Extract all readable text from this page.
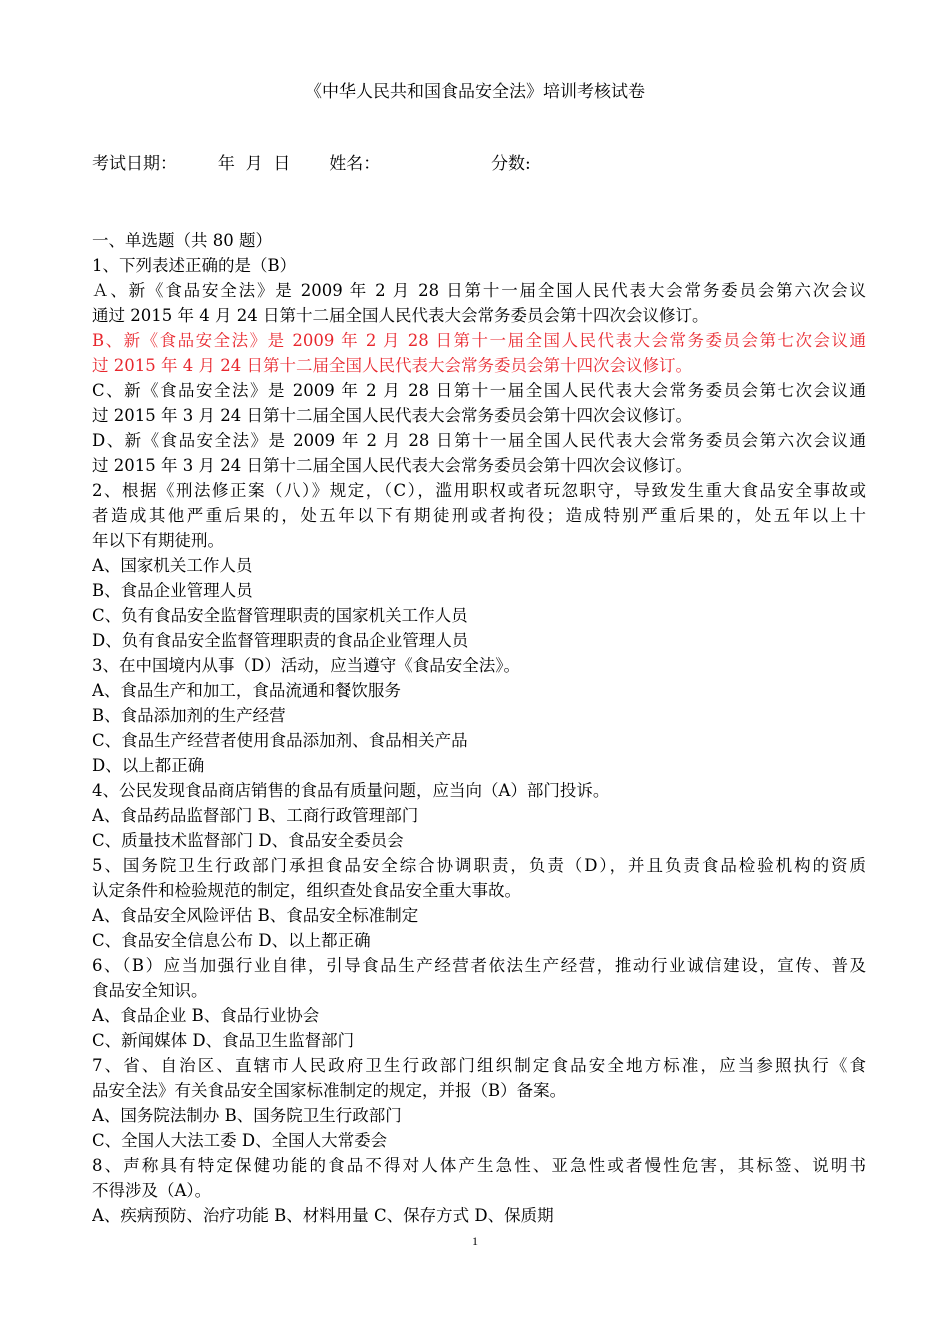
《中华人民共和国食品安全法》培训考核试卷
考试日期： 年  月  日 姓名：	分数:
一、单选题（共 80 题）
1、下列表述正确的是（B）
Ａ、新《食品安全法》是 2009 年 2 月 28 日第十一届全国人民代表大会常务委员会第六次会议
通过 2015 年 4 月 24 日第十二届全国人民代表大会常务委员会第十四次会议修订。
B、新《食品安全法》是 2009 年 2 月 28 日第十一届全国人民代表大会常务委员会第七次会议通
过 2015 年 4 月 24 日第十二届全国人民代表大会常务委员会第十四次会议修订。
C、新《食品安全法》是 2009 年 2 月 28 日第十一届全国人民代表大会常务委员会第七次会议通
过 2015 年 3 月 24 日第十二届全国人民代表大会常务委员会第十四次会议修订。
D、新《食品安全法》是 2009 年 2 月 28 日第十一届全国人民代表大会常务委员会第六次会议通
过 2015 年 3 月 24 日第十二届全国人民代表大会常务委员会第十四次会议修订。
2、根据《刑法修正案（八）》规定，（C），滥用职权或者玩忽职守，导致发生重大食品安全事故或
者造成其他严重后果的，处五年以下有期徒刑或者拘役；造成特别严重后果的，处五年以上十
年以下有期徒刑。
A、国家机关工作人员
B、食品企业管理人员
C、负有食品安全监督管理职责的国家机关工作人员
D、负有食品安全监督管理职责的食品企业管理人员
3、在中国境内从事（D）活动，应当遵守《食品安全法》。
A、食品生产和加工，食品流通和餐饮服务
B、食品添加剂的生产经营
C、食品生产经营者使用食品添加剂、食品相关产品
D、以上都正确
4、公民发现食品商店销售的食品有质量问题，应当向（A）部门投诉。
A、食品药品监督部门 B、工商行政管理部门
C、质量技术监督部门 D、食品安全委员会
5、国务院卫生行政部门承担食品安全综合协调职责，负责（D），并且负责食品检验机构的资质
认定条件和检验规范的制定，组织查处食品安全重大事故。
A、食品安全风险评估 B、食品安全标准制定
C、食品安全信息公布 D、以上都正确
6、（B）应当加强行业自律，引导食品生产经营者依法生产经营，推动行业诚信建设，宣传、普及
食品安全知识。
A、食品企业 B、食品行业协会
C、新闻媒体 D、食品卫生监督部门
7、省、自治区、直辖市人民政府卫生行政部门组织制定食品安全地方标准，应当参照执行《食
品安全法》有关食品安全国家标准制定的规定，并报（B）备案。
A、国务院法制办 B、国务院卫生行政部门
C、全国人大法工委 D、全国人大常委会
8、声称具有特定保健功能的食品不得对人体产生急性、亚急性或者慢性危害，其标签、说明书
不得涉及（A）。
A、疾病预防、治疗功能 B、材料用量 C、保存方式 D、保质期
1
